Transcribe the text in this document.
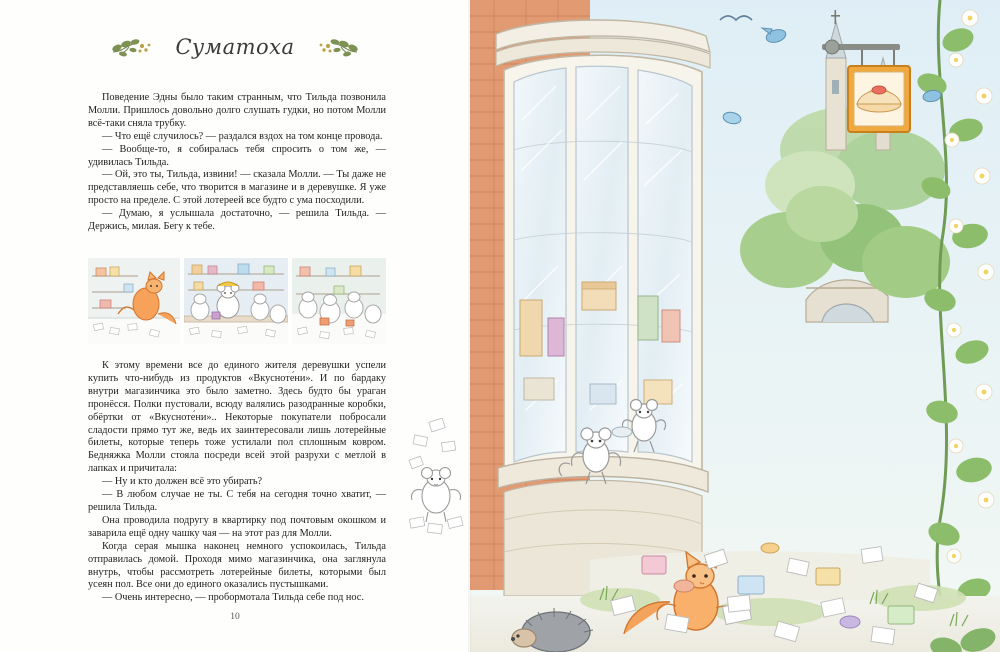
Суматоха

Поведение Эдны было таким странным, что Тильда позвонила Молли. Пришлось довольно долго слушать гудки, но потом Молли всё-таки сняла трубку.

— Что ещё случилось? — раздался вздох на том конце провода.

— Вообще-то, я собиралась тебя спросить о том же, — удивилась Тильда.

— Ой, это ты, Тильда, извини! — сказала Молли. — Ты даже не представляешь себе, что творится в магазине и в деревушке. Я уже просто на пределе. С этой лотереей все будто с ума посходили.

— Думаю, я услышала достаточно, — решила Тильда. — Держись, милая. Бегу к тебе.

К этому времени все до единого жителя деревушки успели купить что-нибудь из продуктов «Вкусноте́ни». И по бардаку внутри магазинчика это было заметно. Здесь будто бы ураган пронёсся. Полки пустовали, всюду валялись разодранные коробки, обёртки от «Вкусноте́ни».. Некоторые покупатели побросали сладости прямо тут же, ведь их заинтересовали лишь лотерейные билеты, которые теперь тоже устилали пол сплошным ковром. Бедняжка Молли стояла посреди всей этой разрухи с метлой в лапках и причитала:

— Ну и кто должен всё это убирать?

— В любом случае не ты. С тебя на сегодня точно хватит, — решила Тильда.

Она проводила подругу в квартирку под почтовым окошком и заварила ещё одну чашку чая — на этот раз для Молли.

Когда серая мышка наконец немного успокоилась, Тильда отправилась домой. Проходя мимо магазинчика, она заглянула внутрь, чтобы рассмотреть лотерейные билеты, которыми был усеян пол. Все они до единого оказались пустышками.

— Очень интересно, — пробормотала Тильда себе под нос.

10
